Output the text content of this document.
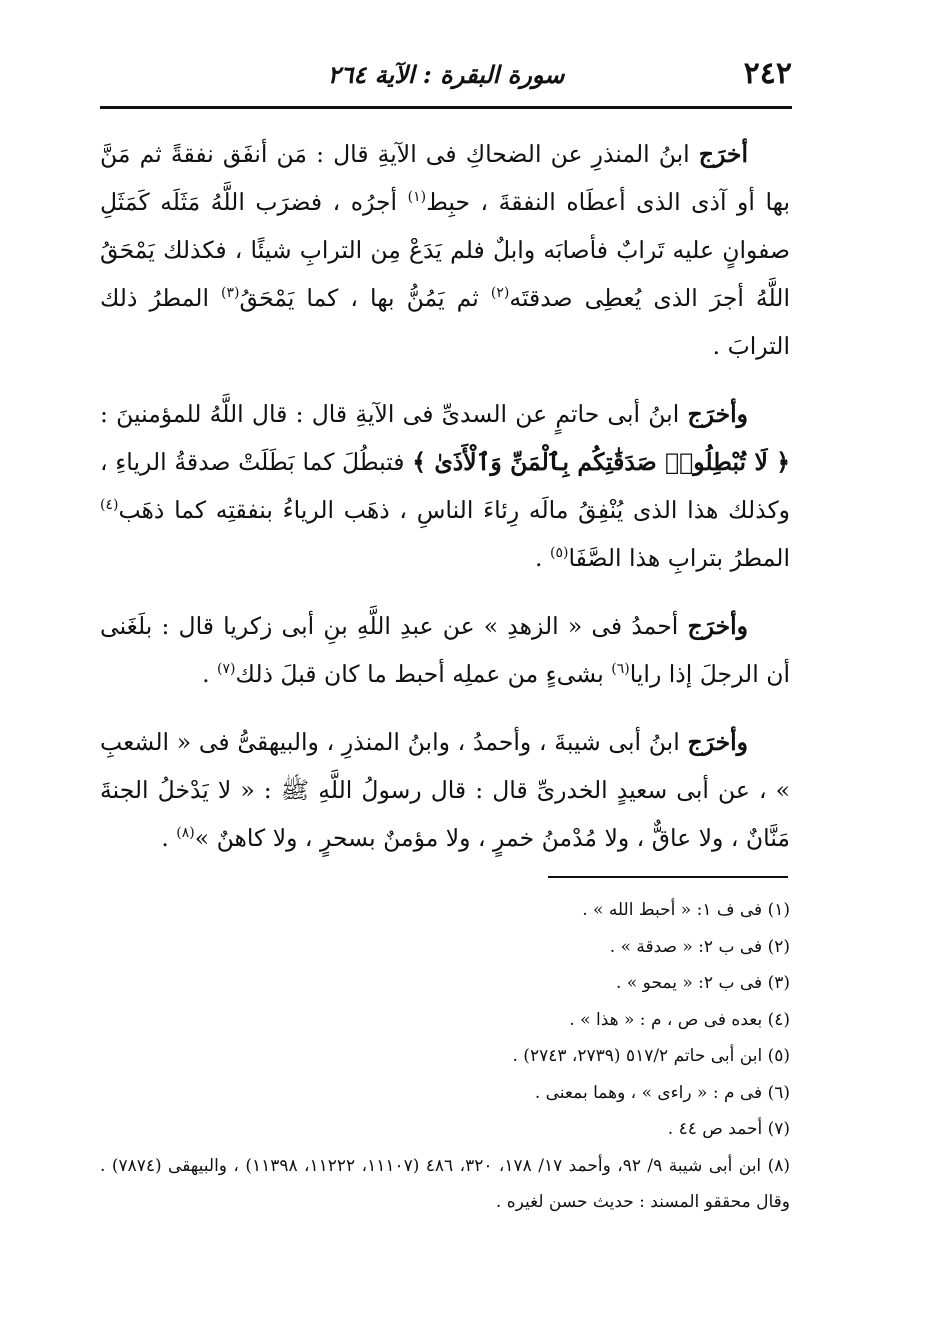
٢٤٢
سورة البقرة : الآية ٢٦٤

أخرَج ابنُ المنذرِ عن الضحاكِ فى الآيةِ قال : مَن أنفَق نفقةً ثم مَنَّ بها أو آذى الذى أعطَاه النفقةَ ، حبِط$^{(١)}$ أجرُه ، فضرَب اللَّهُ مَثَلَه كَمَثَلِ صفوانٍ عليه تَرابٌ فأصابَه وابلٌ فلم يَدَعْ مِن الترابِ شيئًا ، فكذلك يَمْحَقُ اللَّهُ أجرَ الذى يُعطِى صدقتَه$^{(٢)}$ ثم يَمُنُّ بها ، كما يَمْحَقُ$^{(٣)}$ المطرُ ذلك الترابَ .

وأخرَج ابنُ أبى حاتمٍ عن السدىِّ فى الآيةِ قال : قال اللَّهُ للمؤمنينَ : ﴿ لَا تُبْطِلُوا۟ صَدَقَٰتِكُم بِٱلْمَنِّ وَٱلْأَذَىٰ ﴾ فتبطُلَ كما بَطَلَتْ صدقةُ الرياءِ ، وكذلك هذا الذى يُنْفِقُ مالَه رِئاءَ الناسِ ، ذهَب الرياءُ بنفقتِه كما ذهَب$^{(٤)}$ المطرُ بترابِ هذا الصَّفَا$^{(٥)}$ .

وأخرَج أحمدُ فى « الزهدِ » عن عبدِ اللَّهِ بنِ أبى زكريا قال : بلَغَنى أن الرجلَ إذا رايا$^{(٦)}$ بشىءٍ من عملِه أحبط ما كان قبلَ ذلك$^{(٧)}$ .

وأخرَج ابنُ أبى شيبةَ ، وأحمدُ ، وابنُ المنذرِ ، والبيهقىُّ فى « الشعبِ » ، عن أبى سعيدٍ الخدرىِّ قال : قال رسولُ اللَّهِ ﷺ : « لا يَدْخلُ الجنةَ مَنَّانٌ ، ولا عاقٌّ ، ولا مُدْمنُ خمرٍ ، ولا مؤمنٌ بسحرٍ ، ولا كاهنٌ »$^{(٨)}$ .

(١) فى ف ١: « أحبط الله » .

(٢) فى ب ٢: « صدقة » .

(٣) فى ب ٢: « يمحو » .

(٤) بعده فى ص ، م : « هذا » .

(٥) ابن أبى حاتم ٥١٧/٢ (٢٧٣٩، ٢٧٤٣) .

(٦) فى م : « راءى » ، وهما بمعنى .

(٧) أحمد ص ٤٤ .

(٨) ابن أبى شيبة ٩/ ٩٢، وأحمد ١٧/ ١٧٨، ٣٢٠، ٤٨٦ (١١١٠٧، ١١٢٢٢، ١١٣٩٨) ، والبيهقى (٧٨٧٤) . وقال محققو المسند : حديث حسن لغيره .
